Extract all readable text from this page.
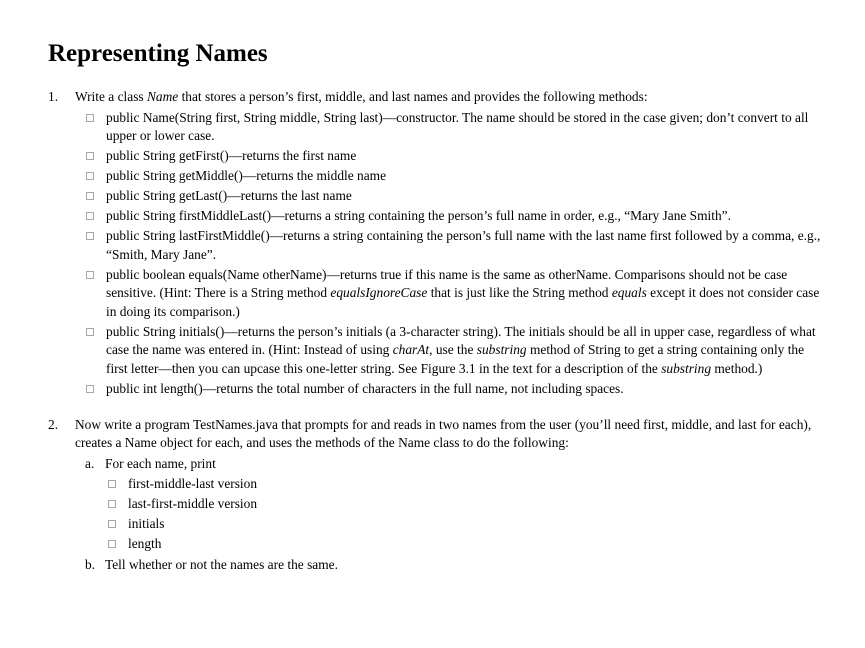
Representing Names
1.	Write a class Name that stores a person’s first, middle, and last names and provides the following methods:
public Name(String first, String middle, String last)—constructor. The name should be stored in the case given; don’t convert to all upper or lower case.
public String getFirst()—returns the first name
public String getMiddle()—returns the middle name
public String getLast()—returns the last name
public String firstMiddleLast()—returns a string containing the person’s full name in order, e.g., “Mary Jane Smith”.
public String lastFirstMiddle()—returns a string containing the person’s full name with the last name first followed by a comma, e.g., “Smith, Mary Jane”.
public boolean equals(Name otherName)—returns true if this name is the same as otherName. Comparisons should not be case sensitive. (Hint: There is a String method equalsIgnoreCase that is just like the String method equals except it does not consider case in doing its comparison.)
public String initials()—returns the person’s initials (a 3-character string). The initials should be all in upper case, regardless of what case the name was entered in. (Hint: Instead of using charAt, use the substring method of String to get a string containing only the first letter—then you can upcase this one-letter string. See Figure 3.1 in the text for a description of the substring method.)
public int length()—returns the total number of characters in the full name, not including spaces.
2.	Now write a program TestNames.java that prompts for and reads in two names from the user (you’ll need first, middle, and last for each), creates a Name object for each, and uses the methods of the Name class to do the following:
a. For each name, print
first-middle-last version
last-first-middle version
initials
length
b. Tell whether or not the names are the same.
